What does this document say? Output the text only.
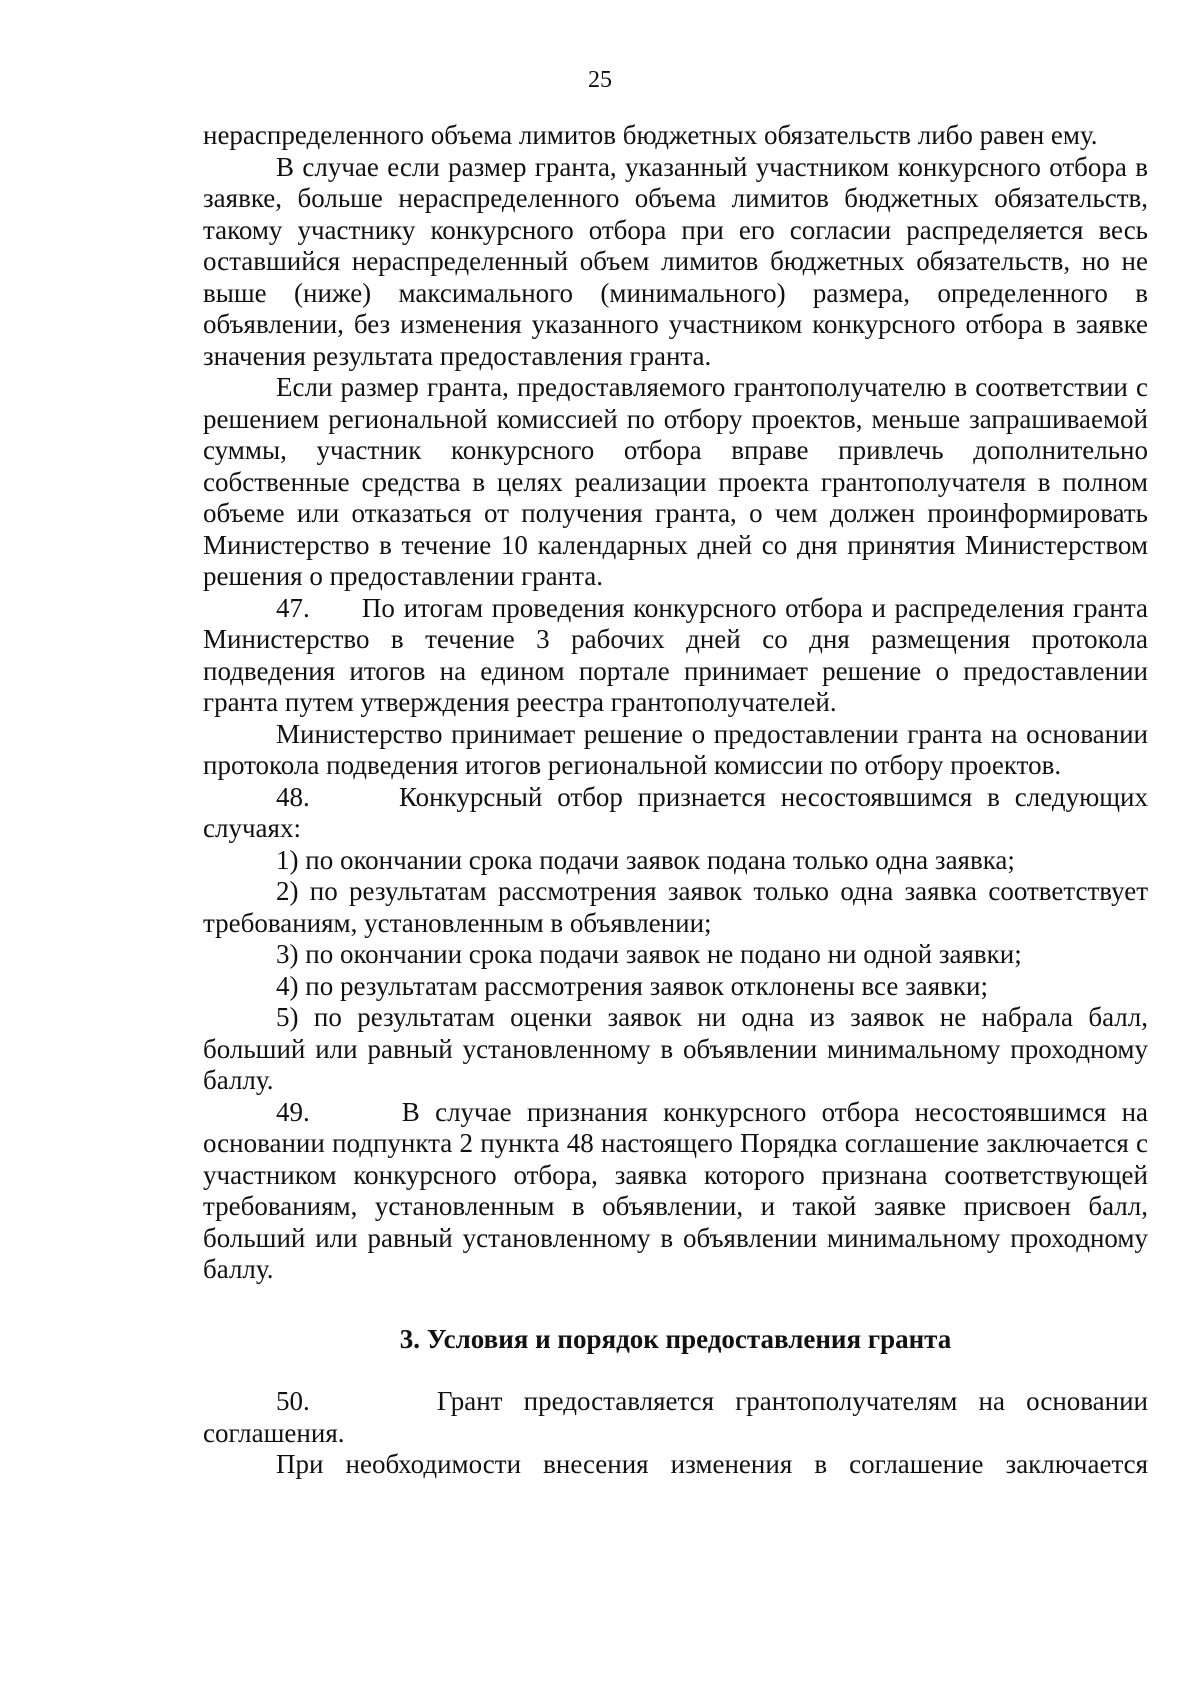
25

нераспределенного объема лимитов бюджетных обязательств либо равен ему.

В случае если размер гранта, указанный участником конкурсного отбора в заявке, больше нераспределенного объема лимитов бюджетных обязательств, такому участнику конкурсного отбора при его согласии распределяется весь оставшийся нераспределенный объем лимитов бюджетных обязательств, но не выше (ниже) максимального (минимального) размера, определенного в объявлении, без изменения указанного участником конкурсного отбора в заявке значения результата предоставления гранта.

Если размер гранта, предоставляемого грантополучателю в соответствии с решением региональной комиссией по отбору проектов, меньше запрашиваемой суммы, участник конкурсного отбора вправе привлечь дополнительно собственные средства в целях реализации проекта грантополучателя в полном объеме или отказаться от получения гранта, о чем должен проинформировать Министерство в течение 10 календарных дней со дня принятия Министерством решения о предоставлении гранта.

47.      По итогам проведения конкурсного отбора и распределения гранта Министерство в течение 3 рабочих дней со дня размещения протокола подведения итогов на едином портале принимает решение о предоставлении гранта путем утверждения реестра грантополучателей.

Министерство принимает решение о предоставлении гранта на основании протокола подведения итогов региональной комиссии по отбору проектов.

48.      Конкурсный отбор признается несостоявшимся в следующих случаях:

1) по окончании срока подачи заявок подана только одна заявка;

2) по результатам рассмотрения заявок только одна заявка соответствует требованиям, установленным в объявлении;

3) по окончании срока подачи заявок не подано ни одной заявки;

4) по результатам рассмотрения заявок отклонены все заявки;

5) по результатам оценки заявок ни одна из заявок не набрала балл, больший или равный установленному в объявлении минимальному проходному баллу.

49.      В случае признания конкурсного отбора несостоявшимся на основании подпункта 2 пункта 48 настоящего Порядка соглашение заключается с участником конкурсного отбора, заявка которого признана соответствующей требованиям, установленным в объявлении, и такой заявке присвоен балл, больший или равный установленному в объявлении минимальному проходному баллу.

3. Условия и порядок предоставления гранта

50.      Грант предоставляется грантополучателям на основании соглашения.

При необходимости внесения изменения в соглашение заключается
